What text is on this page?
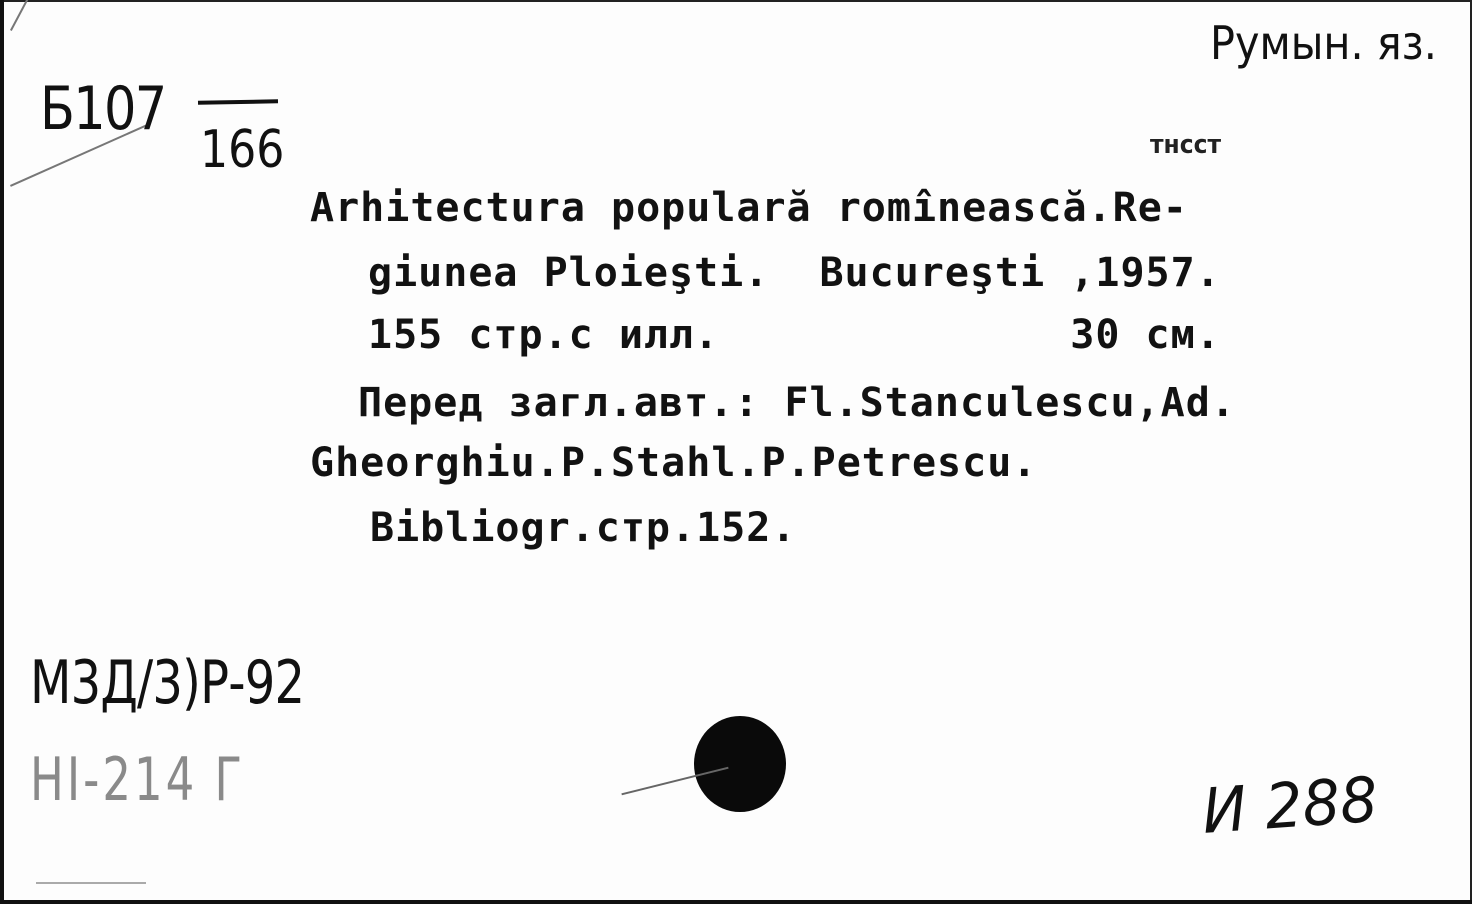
Б107
166
Румын. яз.
тнсст
Arhitectura populară romînească.Re-
giunea Ploieşti.  Bucureşti ,1957.
155 стр.с илл.              30 см.
Перед загл.авт.: Fl.Stanculescu,Ad.
Gheorghiu.P.Stahl.P.Petrescu.
Bibliogr.стр.152.
М3Д/3)Р-92
НІ-214 Г	И 288
